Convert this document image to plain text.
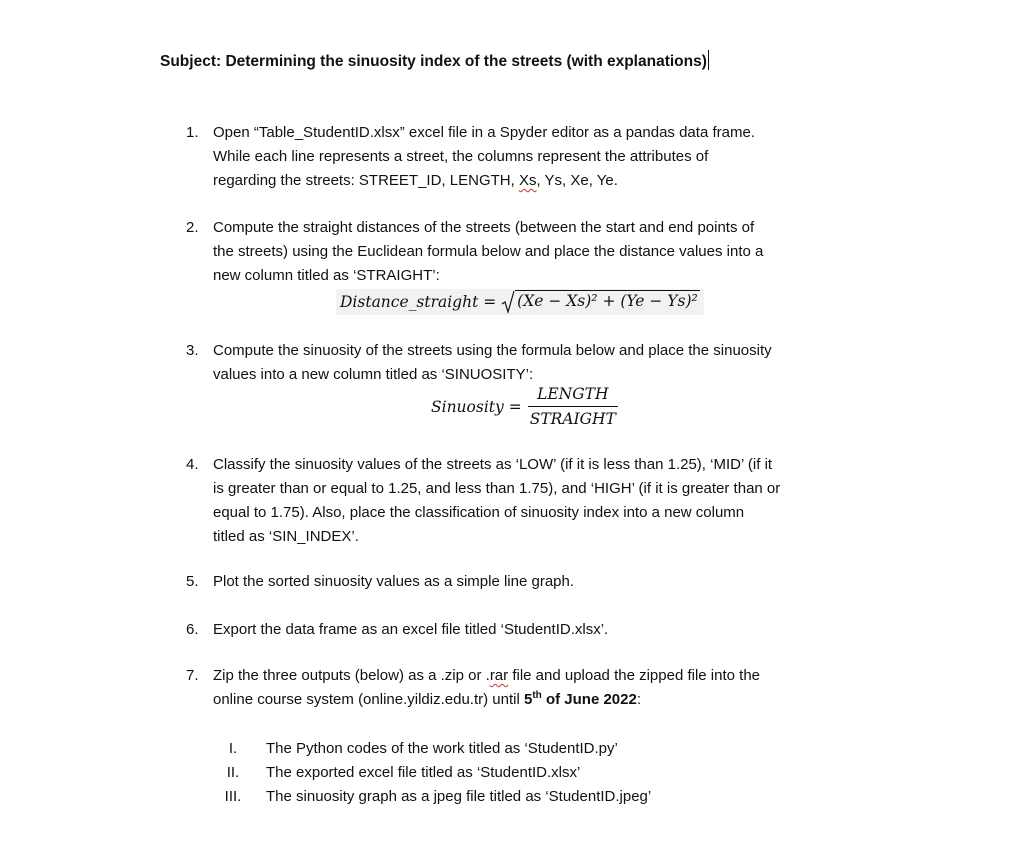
Subject: Determining the sinuosity index of the streets (with explanations)
1. Open “Table_StudentID.xlsx” excel file in a Spyder editor as a pandas data frame.
While each line represents a street, the columns represent the attributes of
regarding the streets: STREET_ID, LENGTH, Xs, Ys, Xe, Ye.
2. Compute the straight distances of the streets (between the start and end points of
the streets) using the Euclidean formula below and place the distance values into a
new column titled as ‘STRAIGHT’:
Distance_straight = (Xe − Xs)² + (Ye − Ys)²
3. Compute the sinuosity of the streets using the formula below and place the sinuosity
values into a new column titled as ‘SINUOSITY’:
Sinuosity = $\frac{\text{LENGTH}}{\text{STRAIGHT}}$
4. Classify the sinuosity values of the streets as ‘LOW’ (if it is less than 1.25), ‘MID’ (if it
is greater than or equal to 1.25, and less than 1.75), and ‘HIGH’ (if it is greater than or
equal to 1.75). Also, place the classification of sinuosity index into a new column
titled as ‘SIN_INDEX’.
5. Plot the sorted sinuosity values as a simple line graph.
6. Export the data frame as an excel file titled ‘StudentID.xlsx’.
7. Zip the three outputs (below) as a .zip or .rar file and upload the zipped file into the
online course system (online.yildiz.edu.tr) until 5th of June 2022:
I.	The Python codes of the work titled as ‘StudentID.py’
II.	The exported excel file titled as ‘StudentID.xlsx’
III.	The sinuosity graph as a jpeg file titled as ‘StudentID.jpeg’
